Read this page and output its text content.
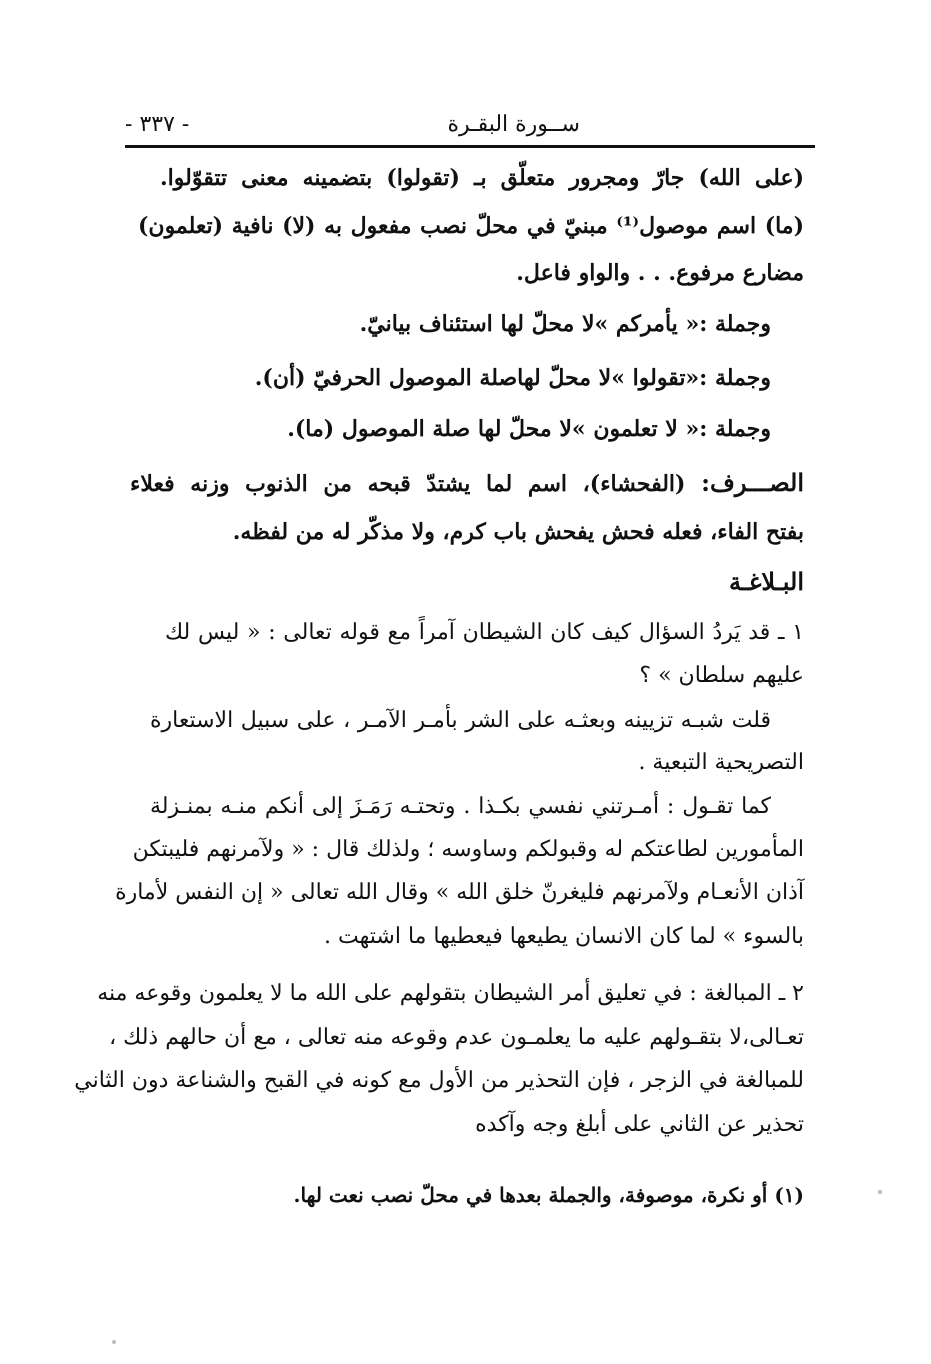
ســورة البقـرة
- ٣٣٧ -
(على الله) جارّ ومجرور متعلّق بـ (تقولوا) بتضمينه معنى تتقوّلوا.
(ما) اسم موصول⁽¹⁾ مبنيّ في محلّ نصب مفعول به (لا) نافية (تعلمون)
مضارع مرفوع. . . والواو فاعل.
وجملة :« يأمركم »لا محلّ لها استئناف بيانيّ.
وجملة :«تقولوا »لا محلّ لهاصلة الموصول الحرفيّ (أن).
وجملة :« لا تعلمون »لا محلّ لها صلة الموصول (ما).
الصـــرف: (الفحشاء)، اسم لما يشتدّ قبحه من الذنوب وزنه فعلاء
بفتح الفاء، فعله فحش يفحش باب كرم، ولا مذكّر له من لفظه.
البـلاغـة
١ ـ قد يَردُ السؤال كيف كان الشيطان آمراً مع قوله تعالى : « ليس لك
عليهم سلطان » ؟
قلت شبـه تزيينه وبعثـه على الشر بأمـر الآمـر ، على سبيل الاستعارة
التصريحية التبعية .
كما تقـول : أمـرتني نفسي بكـذا . وتحتـه رَمَـزَ إلى أنكم منـه بمنـزلة
المأمورين لطاعتكم له وقبولكم وساوسه ؛ ولذلك قال : « ولآمرنهم فليبتكن
آذان الأنعـام ولآمرنهم فليغرنّ خلق الله » وقال الله تعالى « إن النفس لأمارة
بالسوء » لما كان الانسان يطيعها فيعطيها ما اشتهت .
٢ ـ المبالغة : في تعليق أمر الشيطان بتقولهم على الله ما لا يعلمون وقوعه منه
تعـالى،لا بتقـولهم عليه ما يعلمـون عدم وقوعه منه تعالى ، مع أن حالهم ذلك ،
للمبالغة في الزجر ، فإن التحذير من الأول مع كونه في القبح والشناعة دون الثاني
تحذير عن الثاني على أبلغ وجه وآكده
(١) أو نكرة، موصوفة، والجملة بعدها في محلّ نصب نعت لها.
